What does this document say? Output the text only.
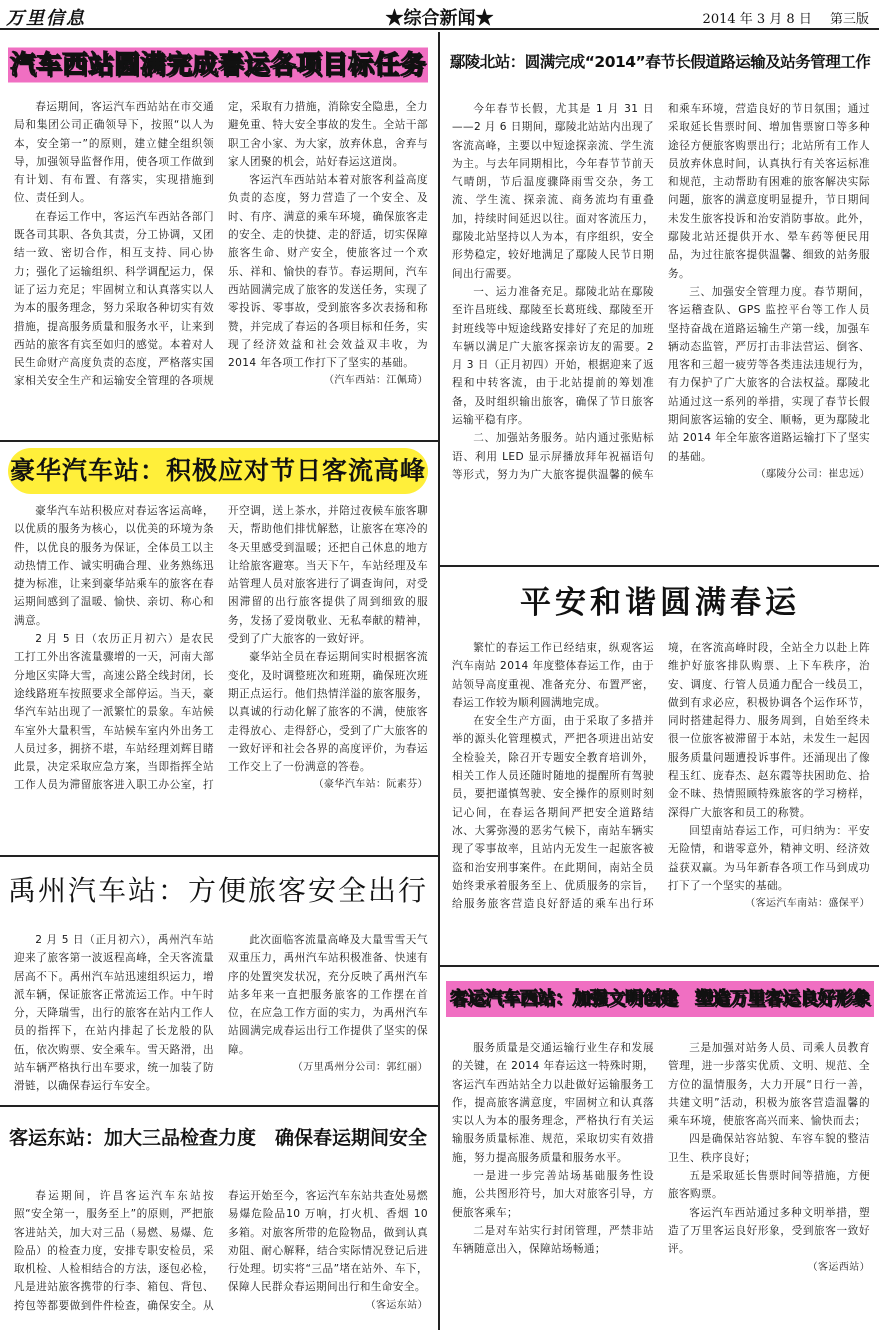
万里信息	★综合新闻★	2014 年 3 月 8 日 第三版
汽车西站圆满完成春运各项目标任务

春运期间，客运汽车西站站在市交通局和集团公司正确领导下，按照“以人为本，安全第一”的原则，建立健全组织领导，加强领导监督作用，使各项工作做到有计划、有布置、有落实，实现措施到位、责任到人。

在春运工作中，客运汽车西站各部门既各司其职、各负其责，分工协调，又团结一致、密切合作，相互支持、同心协力；强化了运输组织、科学调配运力，保证了运力充足；牢固树立和认真落实以人为本的服务理念，努力采取各种切实有效措施，提高服务质量和服务水平，让来到西站的旅客有宾至如归的感觉。本着对人民生命财产高度负责的态度，严格落实国家相关安全生产和运输安全管理的各项规定，采取有力措施，消除安全隐患，全力避免重、特大安全事故的发生。全站干部职工舍小家、为大家，放弃休息，舍弃与家人团聚的机会，站好春运这道岗。

客运汽车西站站本着对旅客利益高度负责的态度，努力营造了一个安全、及时、有序、满意的乘车环境，确保旅客走的安全、走的快捷、走的舒适，切实保障旅客生命、财产安全，使旅客过一个欢乐、祥和、愉快的春节。春运期间，汽车西站圆满完成了旅客的发送任务，实现了零投诉、零事故，受到旅客多次表扬和称赞，并完成了春运的各项目标和任务，实现了经济效益和社会效益双丰收，为 2014 年各项工作打下了坚实的基础。

（汽车西站：江佩琦）

豪华汽车站：积极应对节日客流高峰

豪华汽车站积极应对春运客运高峰，以优质的服务为核心，以优美的环境为条件，以优良的服务为保证，全体员工以主动热情工作、诚实明确合理、业务熟练迅捷为标准，让来到豪华站乘车的旅客在春运期间感到了温暖、愉快、亲切、称心和满意。

2 月 5 日（农历正月初六）是农民工打工外出客流量骤增的一天，河南大部分地区实降大雪，高速公路全线封闭，长途线路班车按照要求全部停运。当天，豪华汽车站出现了一派繁忙的景象。车站候车室外大量积雪，车站候车室内外出务工人员过多，拥挤不堪，车站经理刘辉目睹此景，决定采取应急方案，当即指挥全站工作人员为滞留旅客进入职工办公室，打开空调，送上茶水，并陪过夜候车旅客聊天，帮助他们排忧解愁，让旅客在寒冷的冬天里感受到温暖；还把自己休息的地方让给旅客避寒。当天下午，车站经理及车站管理人员对旅客进行了调查询问，对受困滞留的出行旅客提供了周到细致的服务，发扬了爱岗敬业、无私奉献的精神，受到了广大旅客的一致好评。

豪华站全员在春运期间实时根据客流变化，及时调整班次和班期，确保班次班期正点运行。他们热情洋溢的旅客服务，以真诚的行动化解了旅客的不满，使旅客走得放心、走得舒心，受到了广大旅客的一致好评和社会各界的高度评价，为春运工作交上了一份满意的答卷。

（豪华汽车站：阮素芬）

禹州汽车站：方便旅客安全出行

2 月 5 日（正月初六），禹州汽车站迎来了旅客第一波返程高峰，全天客流量居高不下。禹州汽车站迅速组织运力，增派车辆，保证旅客正常流运工作。中午时分，天降瑞雪，出行的旅客在站内工作人员的指挥下，在站内排起了长龙般的队伍，依次购票、安全乘车。雪天路滑，出站车辆严格执行出车要求，统一加装了防滑链，以确保春运行车安全。

此次面临客流量高峰及大量雪雪天气双重压力，禹州汽车站积极准备、快速有序的处置突发状况，充分反映了禹州汽车站多年来一直把服务旅客的工作摆在首位，在应急工作方面的实力，为禹州汽车站圆满完成春运出行工作提供了坚实的保障。

（万里禹州分公司：郭红丽）

客运东站：加大三品检查力度　确保春运期间安全

春运期间，许昌客运汽车东站按照“安全第一，服务至上”的原则，严把旅客进站关，加大对三品（易燃、易爆、危险品）的检查力度，安排专职安检员，采取机检、人检相结合的方法，逐包必检，凡是进站旅客携带的行李、箱包、背包、挎包等都要做到件件检查，确保安全。从春运开始至今，客运汽车东站共查处易燃易爆危险品10 万响，打火机、香烟 10 多箱。对旅客所带的危险物品，做到认真劝阻、耐心解释，结合实际情况登记后进行处理。切实将“三品”堵在站外、车下，保障人民群众春运期间出行和生命安全。

（客运东站）

鄢陵北站：圆满完成“2014”春节长假道路运输及站务管理工作

今年春节长假，尤其是 1 月 31 日——2 月 6 日期间，鄢陵北站站内出现了客流高峰，主要以中短途探亲流、学生流为主。与去年同期相比，今年春节节前天气晴朗，节后温度骤降雨雪交杂，务工流、学生流、探亲流、商务流均有重叠加，持续时间延迟以往。面对客流压力，鄢陵北站坚持以人为本，有序组织，安全形势稳定，较好地满足了鄢陵人民节日期间出行需要。

一、运力准备充足。鄢陵北站在鄢陵至许昌班线、鄢陵至长葛班线、鄢陵至开封班线等中短途线路安排好了充足的加班车辆以满足广大旅客探亲访友的需要。2 月 3 日（正月初四）开始，根据迎来了返程和中转客流，由于北站提前的筹划准备，及时组织输出旅客，确保了节日旅客运输平稳有序。

二、加强站务服务。站内通过张贴标语、利用 LED 显示屏播放拜年祝福语句等形式，努力为广大旅客提供温馨的候车和乘车环境，营造良好的节日氛围；通过采取延长售票时间、增加售票窗口等多种途径方便旅客购票出行；北站所有工作人员放弃休息时间，认真执行有关客运标准和规范，主动帮助有困难的旅客解决实际问题，旅客的满意度明显提升，节日期间未发生旅客投诉和治安消防事故。此外，鄢陵北站还提供开水、晕车药等便民用品，为过往旅客提供温馨、细致的站务服务。

三、加强安全管理力度。春节期间，客运稽查队、GPS 监控平台等工作人员坚持奋战在道路运输生产第一线，加强车辆动态监管，严厉打击非法营运、倒客、甩客和三超一疲劳等各类违法违规行为，有力保护了广大旅客的合法权益。鄢陵北站通过这一系列的举措，实现了春节长假期间旅客运输的安全、顺畅，更为鄢陵北站 2014 年全年旅客道路运输打下了坚实的基础。

（鄢陵分公司：崔忠远）

平安和谐圆满春运

繁忙的春运工作已经结束，纵观客运汽车南站 2014 年度整体春运工作，由于站领导高度重视、准备充分、布置严密，春运工作较为顺利圆满地完成。

在安全生产方面，由于采取了多措并举的源头化管理模式，严把各项进出站安全检验关，除召开专题安全教育培训外，相关工作人员还随时随地的提醒所有驾驶员，要把谨慎驾驶、安全操作的原则时刻记心间，在春运各期间严把安全道路结冰、大雾弥漫的恶劣气候下，南站车辆实现了零事故率，且站内无发生一起旅客被盗和治安刑事案件。在此期间，南站全员始终秉承着服务至上、优质服务的宗旨，给服务旅客营造良好舒适的乘车出行环境，在客流高峰时段，全站全力以赴上阵维护好旅客排队购票、上下车秩序，治安、调度、行管人员通力配合一线员工，做到有求必应，积极协调各个运作环节，同时搭建起得力、服务周到，自始至终未很一位旅客被滞留于本站，未发生一起因服务质量问题遭投诉事件。还涌现出了像程玉红、庞春杰、赵东霞等扶困助危、拾金不昧、热情照顾特殊旅客的学习榜样，深得广大旅客和员工的称赞。

回望南站春运工作，可归纳为：平安无险情，和谐零意外，精神文明、经济效益获双赢。为马年新春各项工作马到成功打下了一个坚实的基础。

（客运汽车南站：盛保平）

客运汽车西站：加强文明创建　塑造万里客运良好形象

服务质量是交通运输行业生存和发展的关键，在 2014 年春运这一特殊时期，客运汽车西站站全力以赴做好运输服务工作，提高旅客满意度，牢固树立和认真落实以人为本的服务理念，严格执行有关运输服务质量标准、规范，采取切实有效措施，努力提高服务质量和服务水平。

一是进一步完善站场基础服务性设施，公共图形符号，加大对旅客引导，方便旅客乘车；

二是对车站实行封闭管理，严禁非站车辆随意出入，保障站场畅通；

三是加强对站务人员、司乘人员教育管理，进一步落实优质、文明、规范、全方位的温情服务，大力开展“日行一善，共建文明”活动，积极为旅客营造温馨的乘车环境，使旅客高兴而来、愉快而去；

四是确保站容站貌、车容车貌的整洁卫生、秩序良好；

五是采取延长售票时间等措施，方便旅客购票。

客运汽车西站通过多种文明举措，塑造了万里客运良好形象，受到旅客一致好评。

（客运西站）
